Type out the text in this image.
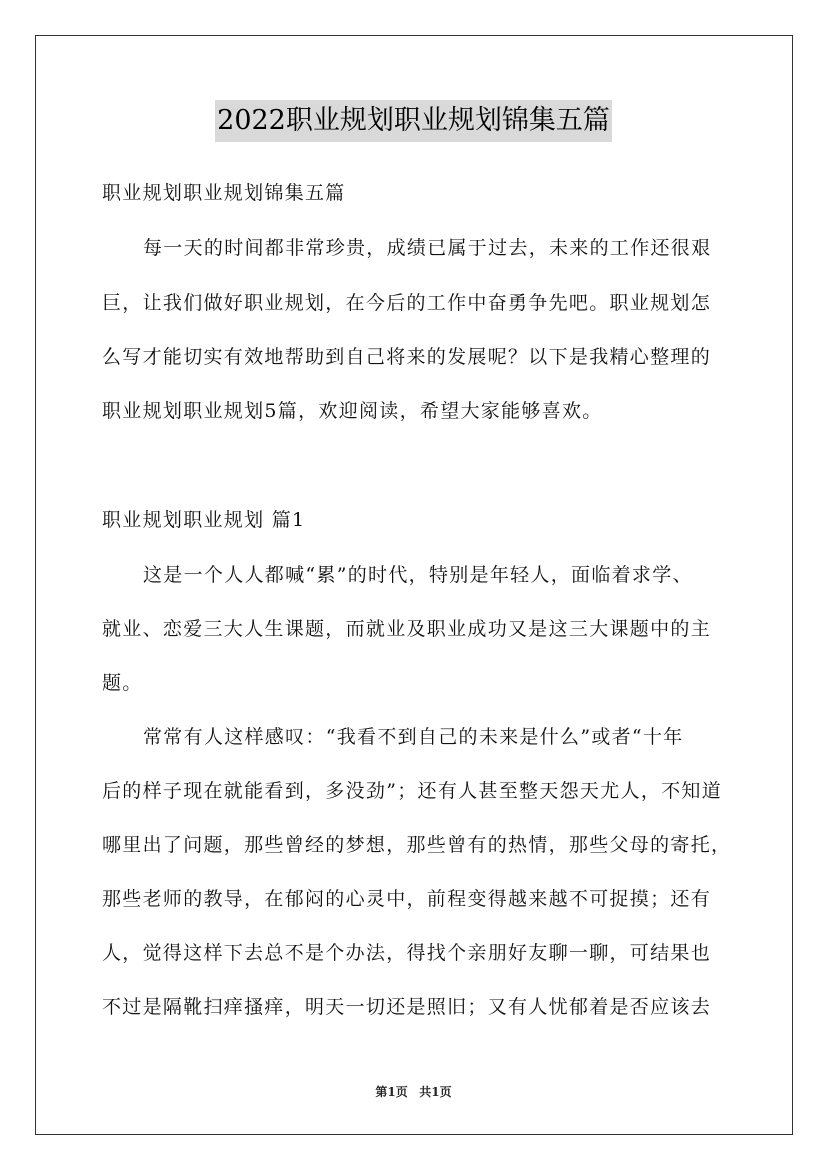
2022职业规划职业规划锦集五篇
职业规划职业规划锦集五篇
每一天的时间都非常珍贵，成绩已属于过去，未来的工作还很艰
巨，让我们做好职业规划，在今后的工作中奋勇争先吧。职业规划怎
么写才能切实有效地帮助到自己将来的发展呢？以下是我精心整理的
职业规划职业规划5篇，欢迎阅读，希望大家能够喜欢。
职业规划职业规划 篇1
这是一个人人都喊“累”的时代，特别是年轻人，面临着求学、
就业、恋爱三大人生课题，而就业及职业成功又是这三大课题中的主
题。
常常有人这样感叹：“我看不到自己的未来是什么”或者“十年
后的样子现在就能看到，多没劲”；还有人甚至整天怨天尤人，不知道
哪里出了问题，那些曾经的梦想，那些曾有的热情，那些父母的寄托，
那些老师的教导，在郁闷的心灵中，前程变得越来越不可捉摸；还有
人，觉得这样下去总不是个办法，得找个亲朋好友聊一聊，可结果也
不过是隔靴扫痒搔痒，明天一切还是照旧；又有人忧郁着是否应该去
第1页 共1页
